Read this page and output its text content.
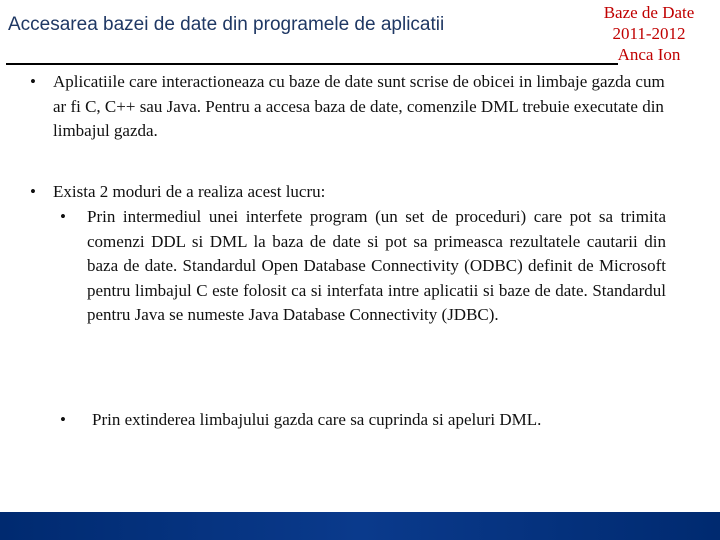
Accesarea bazei de date din programele de aplicatii
Baze de Date
2011-2012
Anca Ion
• Aplicatiile care interactioneaza cu baze de date sunt scrise de obicei in limbaje gazda cum ar fi C, C++ sau Java. Pentru a accesa baza de date, comenzile DML trebuie executate din limbajul gazda.
• Exista 2 moduri de a realiza acest lucru:
• Prin intermediul unei interfete program (un set de proceduri) care pot sa trimita comenzi DDL si DML la baza de date si pot sa primeasca rezultatele cautarii din baza de date. Standardul Open Database Connectivity (ODBC) definit de Microsoft pentru limbajul C este folosit ca si interfata intre aplicatii si baze de date. Standardul pentru Java se numeste Java Database Connectivity (JDBC).
• Prin extinderea limbajului gazda care sa cuprinda si apeluri DML.
